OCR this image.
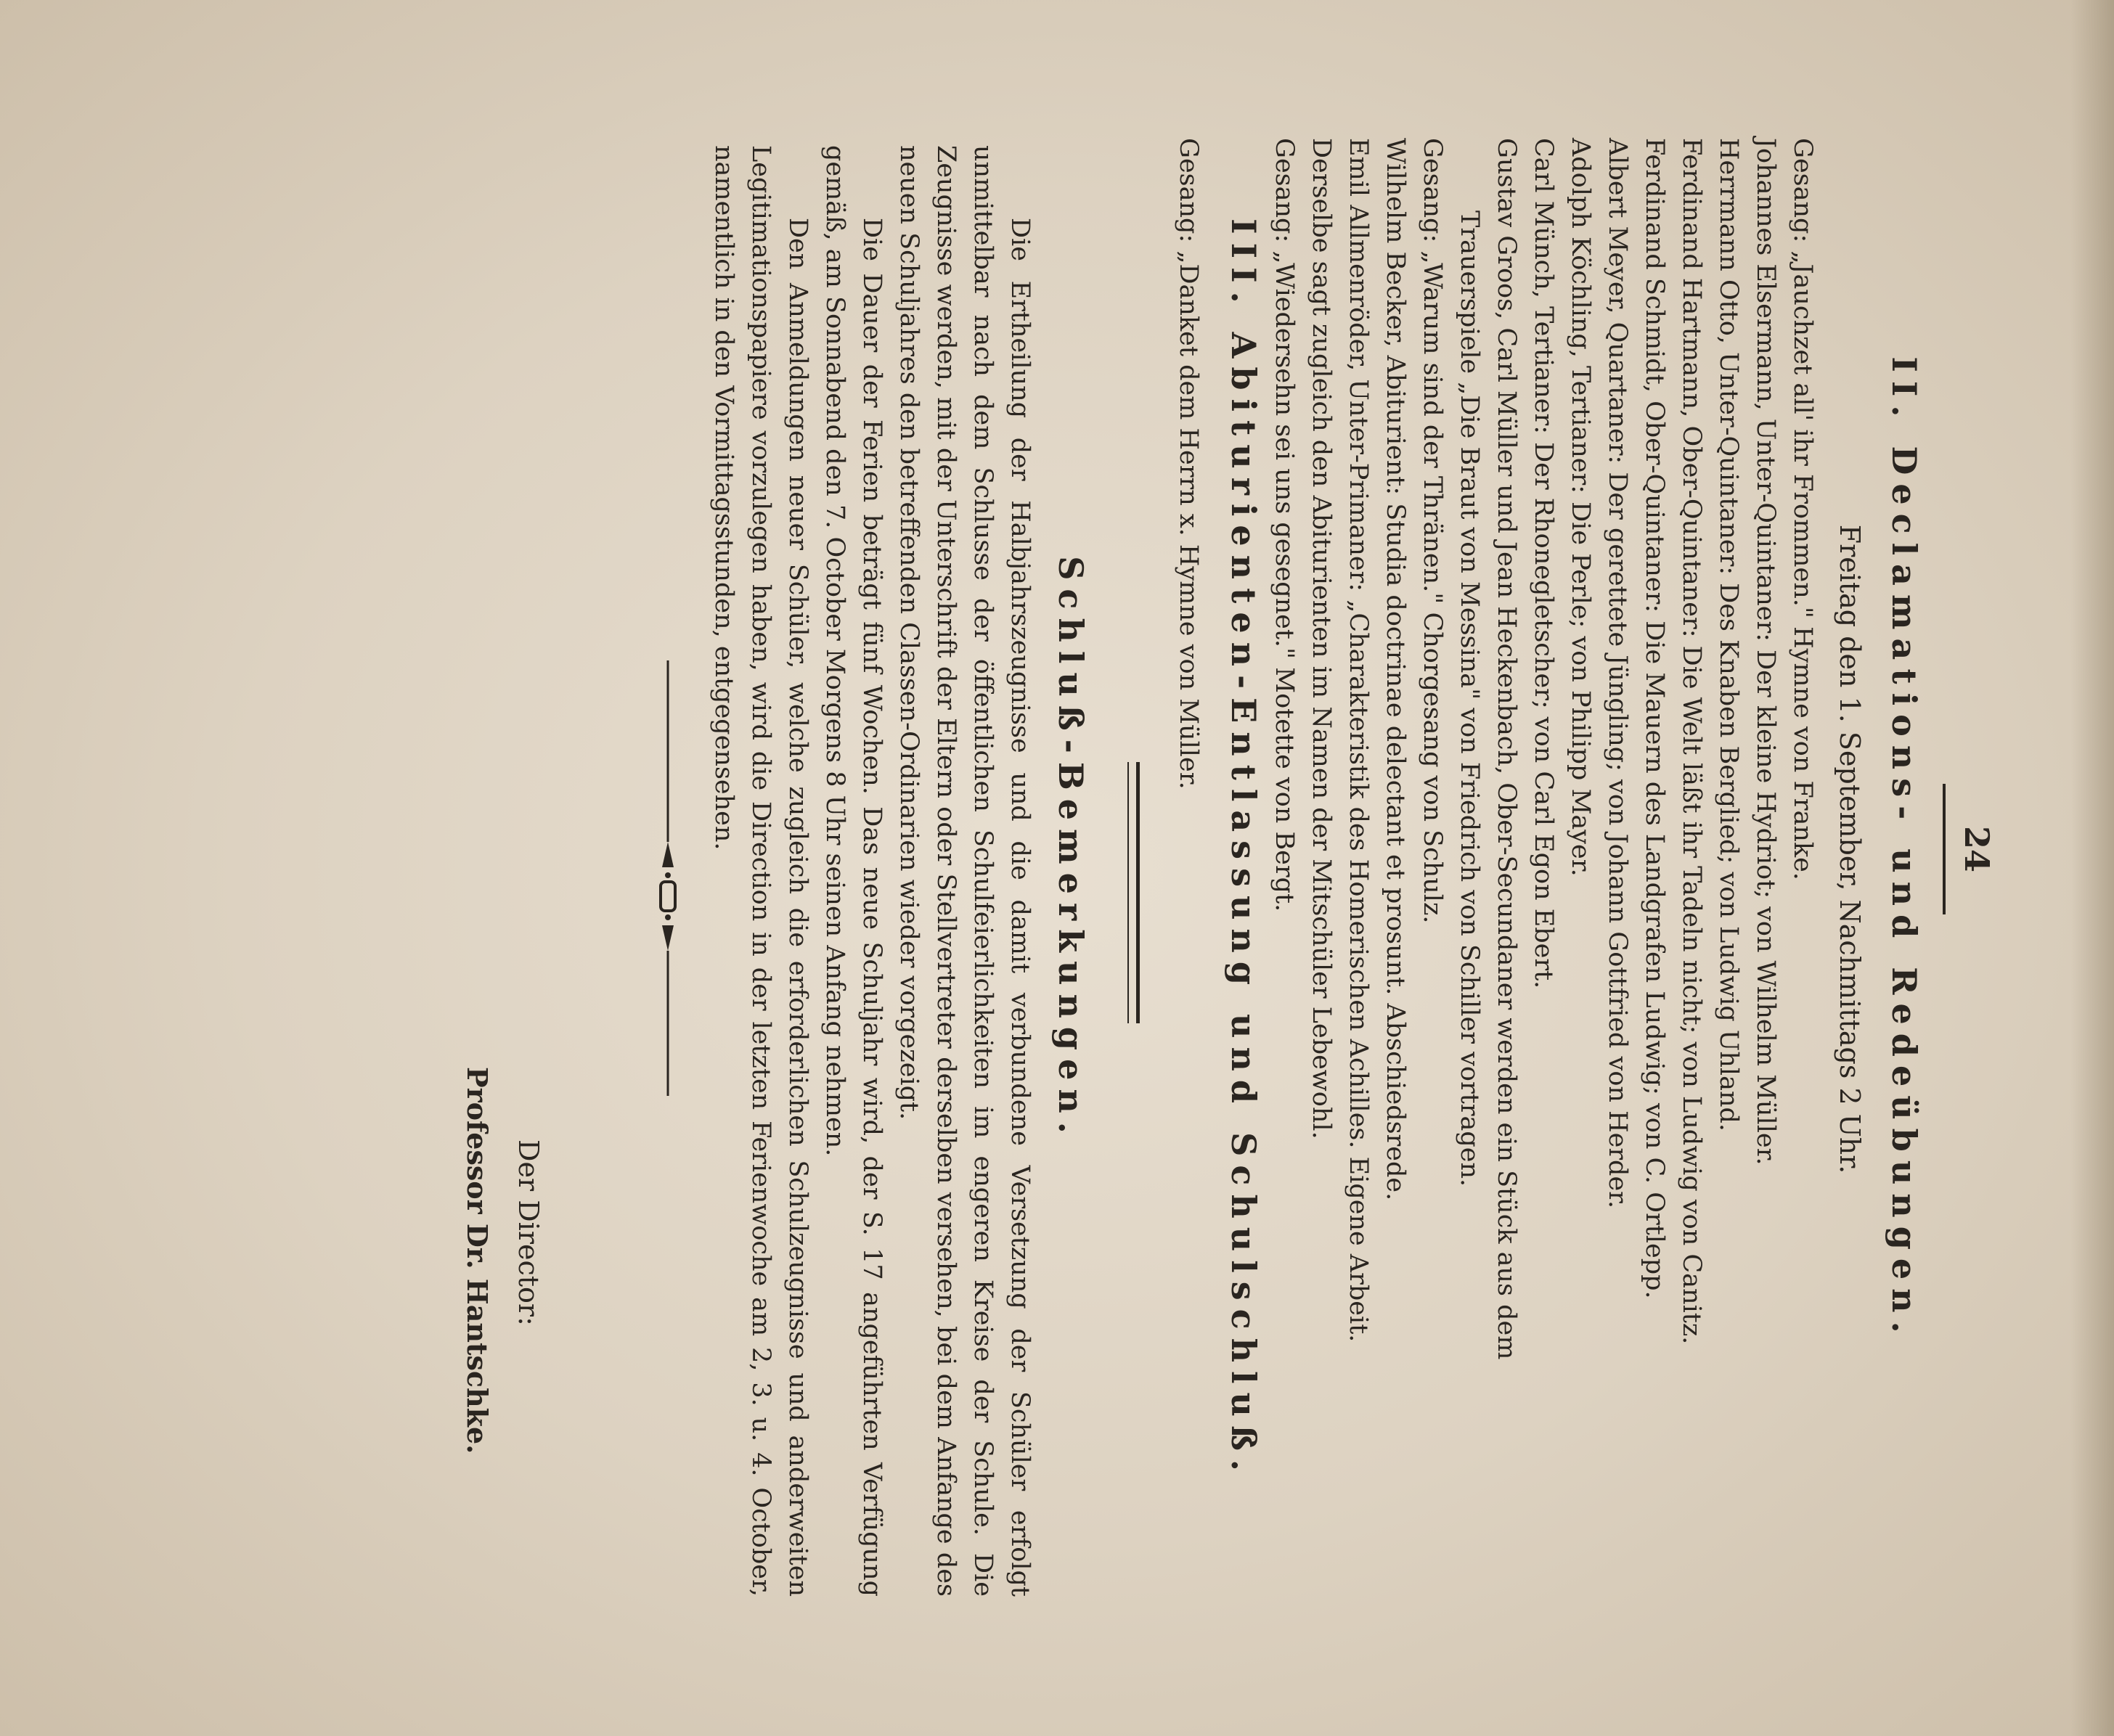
24
II. Declamations- und Redeübungen.
Freitag den 1. September, Nachmittags 2 Uhr.
Gesang: „Jauchzet all' ihr Frommen." Hymne von Franke.
Johannes Elsermann, Unter-Quintaner: Der kleine Hydriot; von Wilhelm Müller.
Herrmann Otto, Unter-Quintaner: Des Knaben Berglied; von Ludwig Uhland.
Ferdinand Hartmann, Ober-Quintaner: Die Welt läßt ihr Tadeln nicht; von Ludwig von Canitz.
Ferdinand Schmidt, Ober-Quintaner: Die Mauern des Landgrafen Ludwig; von C. Ortlepp.
Albert Meyer, Quartaner: Der gerettete Jüngling; von Johann Gottfried von Herder.
Adolph Köchling, Tertianer: Die Perle; von Philipp Mayer.
Carl Münch, Tertianer: Der Rhonegletscher; von Carl Egon Ebert.
Gustav Groos, Carl Müller und Jean Heckenbach, Ober-Secundaner werden ein Stück aus dem
Trauerspiele „Die Braut von Messina" von Friedrich von Schiller vortragen.
Gesang: „Warum sind der Thränen." Chorgesang von Schulz.
Wilhelm Becker, Abiturient: Studia doctrinae delectant et prosunt. Abschiedsrede.
Emil Allmenröder, Unter-Primaner: „Charakteristik des Homerischen Achilles. Eigene Arbeit.
Derselbe sagt zugleich den Abiturienten im Namen der Mitschüler Lebewohl.
Gesang: „Wiedersehn sei uns gesegnet." Motette von Bergt.
III. Abiturienten-Entlassung und Schulschluß.
Gesang: „Danket dem Herrn x. Hymne von Müller.
Schluß-Bemerkungen.

Die Ertheilung der Halbjahrszeugnisse und die damit verbundene Versetzung der Schüler erfolgt unmittelbar nach dem Schlusse der öffentlichen Schulfeierlichkeiten im engeren Kreise der Schule. Die Zeugnisse werden, mit der Unterschrift der Eltern oder Stellvertreter derselben versehen, bei dem Anfange des neuen Schuljahres den betreffenden Classen-Ordinarien wieder vorgezeigt.

Die Dauer der Ferien beträgt fünf Wochen. Das neue Schuljahr wird, der S. 17 angeführten Verfügung gemäß, am Sonnabend den 7. October Morgens 8 Uhr seinen Anfang nehmen.

Den Anmeldungen neuer Schüler, welche zugleich die erforderlichen Schulzeugnisse und anderweiten Legitimationspapiere vorzulegen haben, wird die Direction in der letzten Ferienwoche am 2, 3. u. 4. October, namentlich in den Vormittagsstunden, entgegensehen.

Der Director:
Professor Dr. Hantschke.
